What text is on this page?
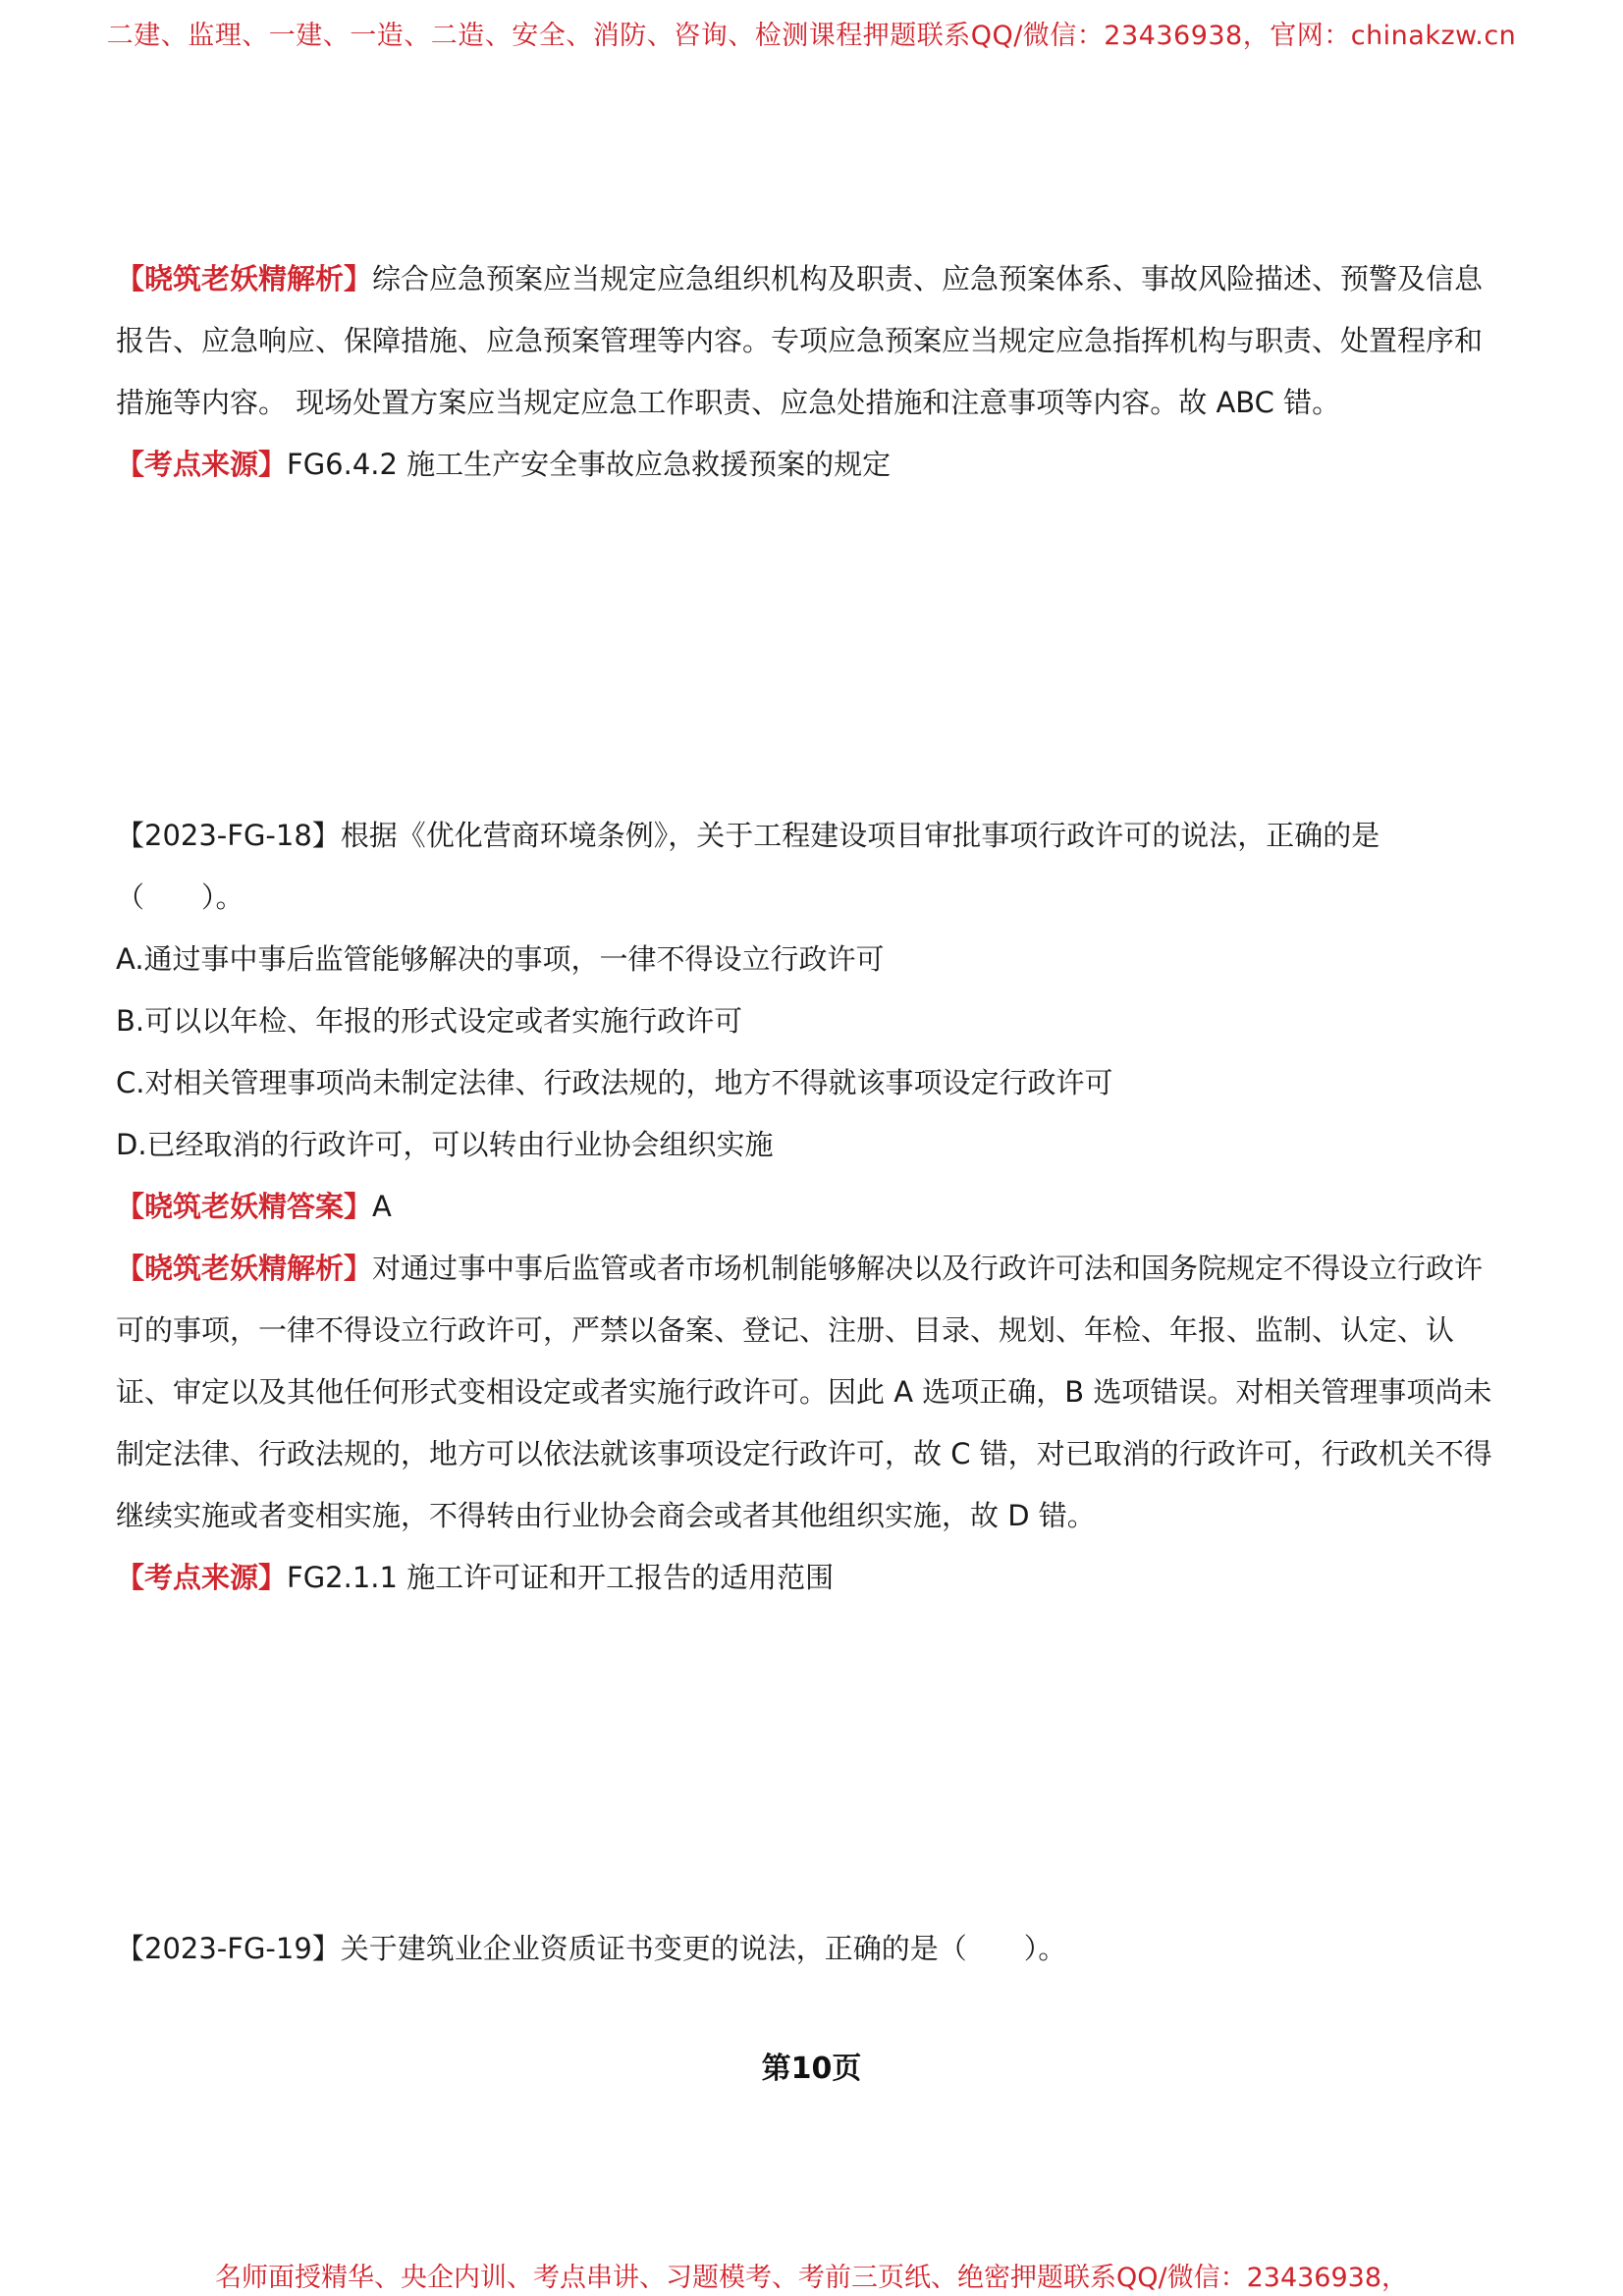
二建、监理、一建、一造、二造、安全、消防、咨询、检测课程押题联系QQ/微信：23436938，官网：chinakzw.cn
【晓筑老妖精解析】综合应急预案应当规定应急组织机构及职责、应急预案体系、事故风险描述、预警及信息
报告、应急响应、保障措施、应急预案管理等内容。专项应急预案应当规定应急指挥机构与职责、处置程序和
措施等内容。 现场处置方案应当规定应急工作职责、应急处措施和注意事项等内容。故 ABC 错。
【考点来源】FG6.4.2 施工生产安全事故应急救援预案的规定
【2023-FG-18】根据《优化营商环境条例》，关于工程建设项目审批事项行政许可的说法，正确的是
（　　）。
A.通过事中事后监管能够解决的事项，一律不得设立行政许可
B.可以以年检、年报的形式设定或者实施行政许可
C.对相关管理事项尚未制定法律、行政法规的，地方不得就该事项设定行政许可
D.已经取消的行政许可，可以转由行业协会组织实施
【晓筑老妖精答案】A
【晓筑老妖精解析】对通过事中事后监管或者市场机制能够解决以及行政许可法和国务院规定不得设立行政许
可的事项，一律不得设立行政许可，严禁以备案、登记、注册、目录、规划、年检、年报、监制、认定、认
证、审定以及其他任何形式变相设定或者实施行政许可。因此 A 选项正确，B 选项错误。对相关管理事项尚未
制定法律、行政法规的，地方可以依法就该事项设定行政许可，故 C 错，对已取消的行政许可，行政机关不得
继续实施或者变相实施，不得转由行业协会商会或者其他组织实施，故 D 错。
【考点来源】FG2.1.1 施工许可证和开工报告的适用范围
【2023-FG-19】关于建筑业企业资质证书变更的说法，正确的是（　　）。
第10页
名师面授精华、央企内训、考点串讲、习题模考、考前三页纸、绝密押题联系QQ/微信：23436938，
